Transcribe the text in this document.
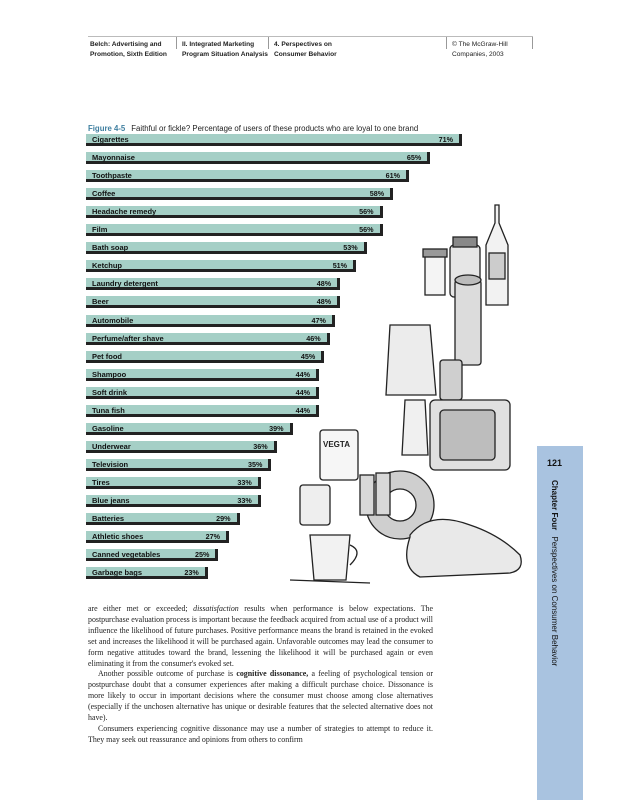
Belch: Advertising and
Promotion, Sixth Edition
II. Integrated Marketing
Program Situation Analysis
4. Perspectives on
Consumer Behavior
© The McGraw-Hill
Companies, 2003
Figure 4-5 Faithful or fickle? Percentage of users of these products who are loyal to one brand
VEGTA
Cigarettes	71%
Mayonnaise	65%
Toothpaste	61%
Coffee	58%
Headache remedy	56%
Film	56%
Bath soap	53%
Ketchup	51%
Laundry detergent	48%
Beer	48%
Automobile	47%
Perfume/after shave	46%
Pet food	45%
Shampoo	44%
Soft drink	44%
Tuna fish	44%
Gasoline	39%
Underwear	36%
Television	35%
Tires	33%
Blue jeans	33%
Batteries	29%
Athletic shoes	27%
Canned vegetables	25%
Garbage bags	23%

are either met or exceeded; dissatisfaction results when performance is below expectations. The postpurchase evaluation process is important because the feedback acquired from actual use of a product will influence the likelihood of future purchases. Positive performance means the brand is retained in the evoked set and increases the likelihood it will be purchased again. Unfavorable outcomes may lead the consumer to form negative attitudes toward the brand, lessening the likelihood it will be purchased again or even eliminating it from the consumer's evoked set.

Another possible outcome of purchase is cognitive dissonance, a feeling of psychological tension or postpurchase doubt that a consumer experiences after making a difficult purchase choice. Dissonance is more likely to occur in important decisions where the consumer must choose among close alternatives (especially if the unchosen alternative has unique or desirable features that the selected alternative does not have).

Consumers experiencing cognitive dissonance may use a number of strategies to attempt to reduce it. They may seek out reassurance and opinions from others to confirm

121
Chapter Four Perspectives on Consumer Behavior
